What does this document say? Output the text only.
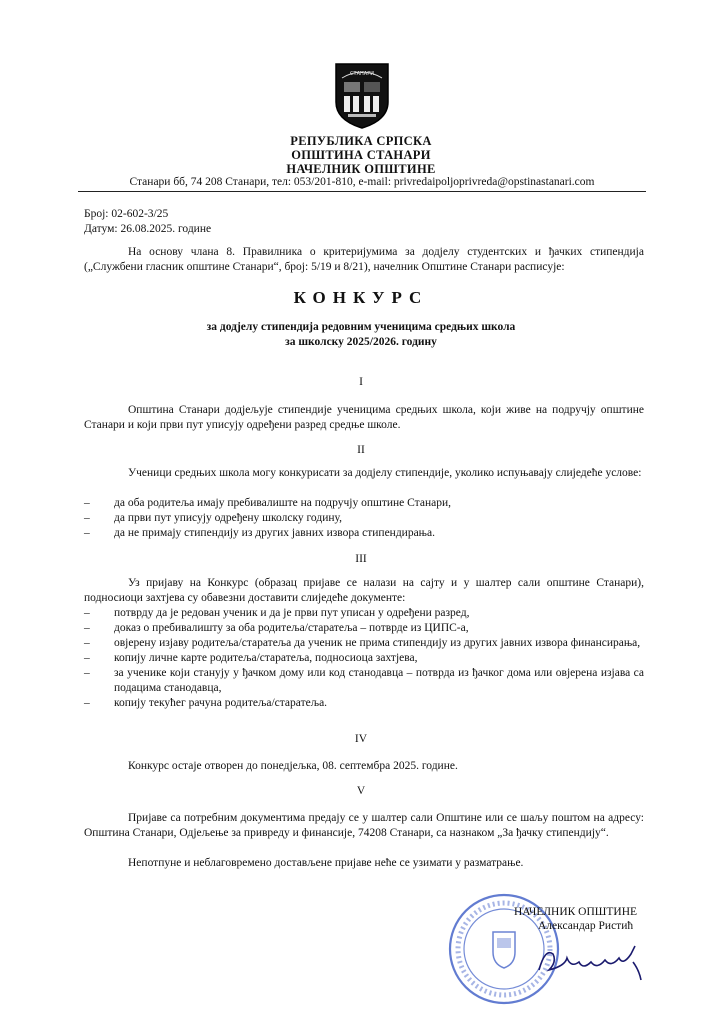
СТАНАРИ
РЕПУБЛИКА СРПСКА
ОПШТИНА СТАНАРИ
НАЧЕЛНИК ОПШТИНЕ
Станари бб, 74 208 Станари, тел: 053/201-810, e-mail: privredaipoljoprivreda@opstinastanari.com
Број: 02-602-3/25
Датум: 26.08.2025. године

На основу члана 8. Правилника о критеријумима за додјелу студентских и ђачких стипендија („Службени гласник општине Станари“, број: 5/19 и 8/21), начелник Општине Станари расписује:

КОНКУРС
за додјелу стипендија редовним ученицима средњих школа
за школску 2025/2026. годину
I

Општина Станари додјељује стипендије ученицима средњих школа, који живе на подручју општине Станари и који први пут уписују одређени разред средње школе.

II

Ученици средњих школа могу конкурисати за додјелу стипендије, уколико испуњавају слиједеће услове:

– да оба родитеља имају пребивалиште на подручју општине Станари,
– да први пут уписују одређену школску годину,
– да не примају стипендију из других јавних извора стипендирања.
III

Уз пријаву на Конкурс (образац пријаве се налази на сајту и у шалтер сали општине Станари), подносиоци захтјева су обавезни доставити слиједеће документе:

– потврду да је редован ученик и да је први пут уписан у одређени разред,
– доказ о пребивалишту за оба родитеља/старатеља – потврде из ЦИПС-а,
– овјерену изјаву родитеља/старатеља да ученик не прима стипендију из других јавних извора финансирања,
– копију личне карте родитеља/старатеља, подносиоца захтјева,
– за ученике који станују у ђачком дому или код станодавца – потврда из ђачког дома или овјерена изјава са подацима станодавца,
– копију текућег рачуна родитеља/старатеља.
IV

Конкурс остаје отворен до понедјељка, 08. септембра 2025. године.

V

Пријаве са потребним документима предају се у шалтер сали Општине или се шаљу поштом на адресу: Општина Станари, Одјељење за привреду и финансије, 74208 Станари, са назнаком „За ђачку стипендију“.

Непотпуне и неблаговремено достављене пријаве неће се узимати у разматрање.

НАЧЕЛНИК ОПШТИНЕ
Александар Ристић
